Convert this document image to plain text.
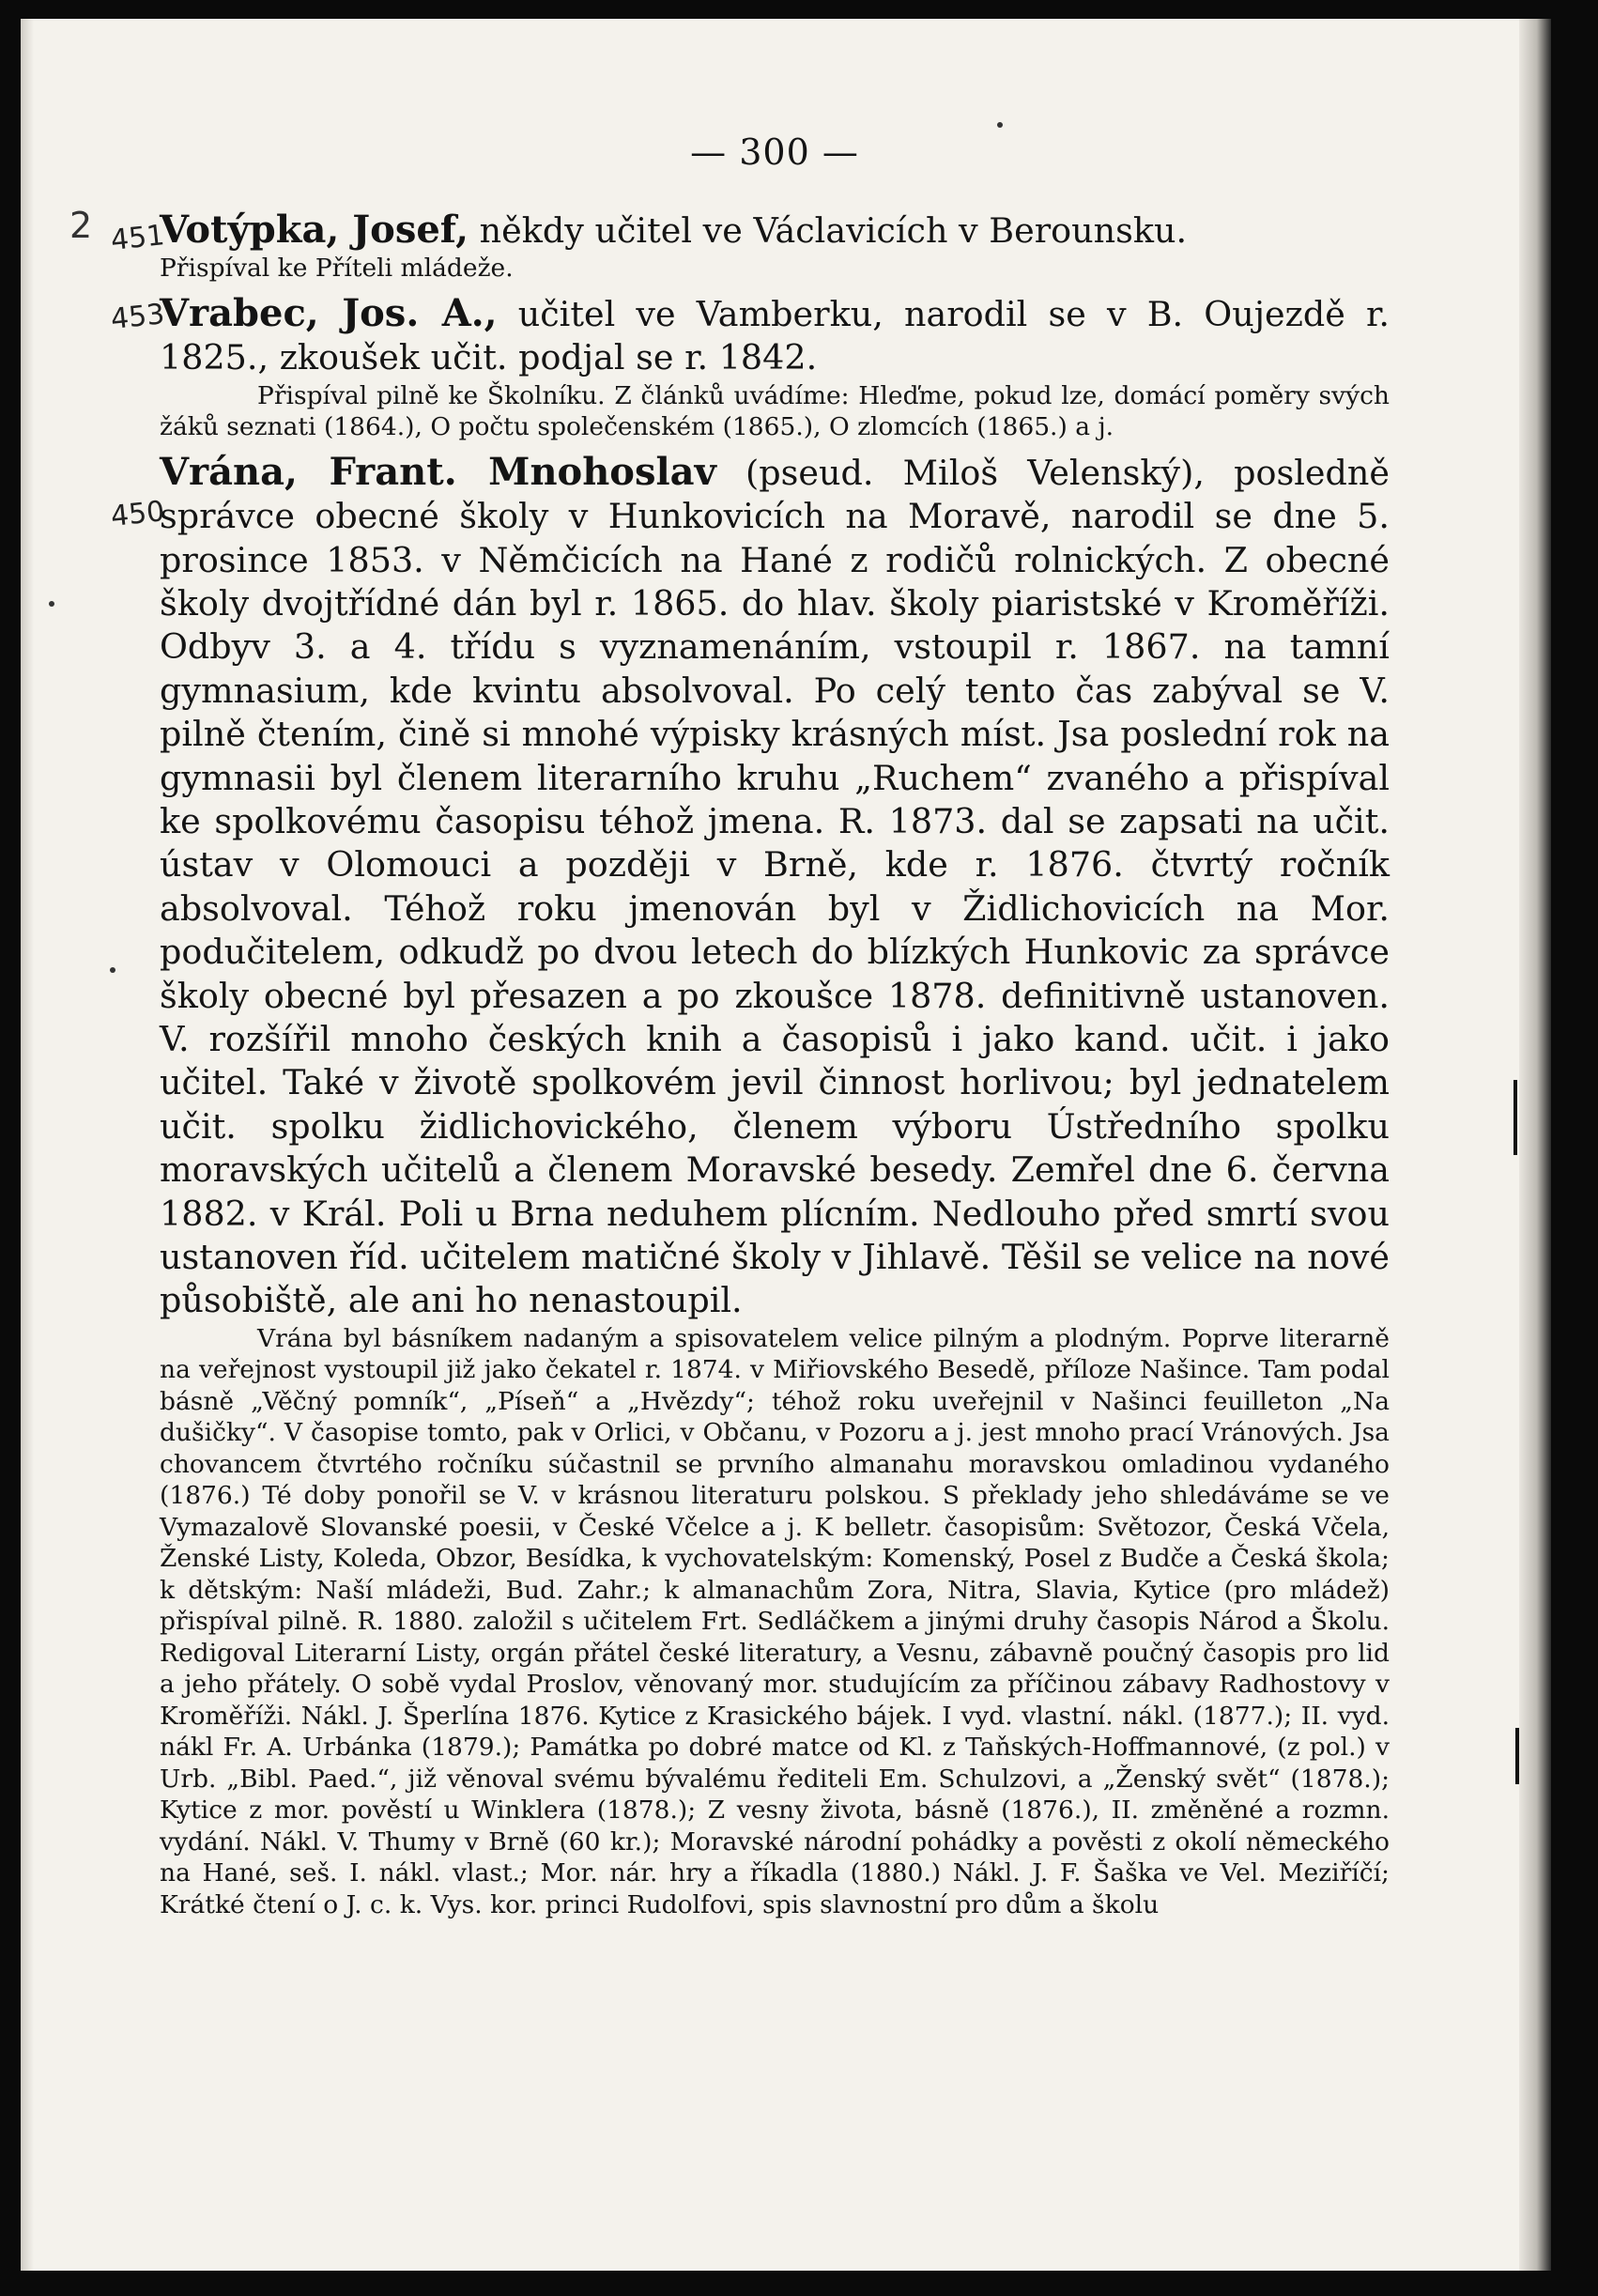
2 451
453
450
— 300 —

Votýpka, Josef, někdy učitel ve Václavicích v Berounsku.

Přispíval ke Příteli mládeže.

Vrabec, Jos. A., učitel ve Vamberku, narodil se v B. Oujezdě r. 1825., zkoušek učit. podjal se r. 1842.

Přispíval pilně ke Školníku. Z článků uvádíme: Hleďme, pokud lze, domácí poměry svých žáků seznati (1864.), O počtu společenském (1865.), O zlomcích (1865.) a j.

Vrána, Frant. Mnohoslav (pseud. Miloš Velenský), posledně správce obecné školy v Hunkovicích na Moravě, narodil se dne 5. prosince 1853. v Němčicích na Hané z rodičů rolnických. Z obecné školy dvojtřídné dán byl r. 1865. do hlav. školy piaristské v Kroměříži. Odbyv 3. a 4. třídu s vyznamenáním, vstoupil r. 1867. na tamní gymnasium, kde kvintu absolvoval. Po celý tento čas zabýval se V. pilně čtením, čině si mnohé výpisky krásných míst. Jsa poslední rok na gymnasii byl členem literarního kruhu „Ruchem“ zvaného a přispíval ke spolkovému časopisu téhož jmena. R. 1873. dal se zapsati na učit. ústav v Olomouci a později v Brně, kde r. 1876. čtvrtý ročník absolvoval. Téhož roku jmenován byl v Židlichovicích na Mor. podučitelem, odkudž po dvou letech do blízkých Hunkovic za správce školy obecné byl přesazen a po zkoušce 1878. definitivně ustanoven. V. rozšířil mnoho českých knih a časopisů i jako kand. učit. i jako učitel. Také v životě spolkovém jevil činnost horlivou; byl jednatelem učit. spolku židlichovického, členem výboru Ústředního spolku moravských učitelů a členem Moravské besedy. Zemřel dne 6. června 1882. v Král. Poli u Brna neduhem plícním. Nedlouho před smrtí svou ustanoven říd. učitelem matičné školy v Jihlavě. Těšil se velice na nové působiště, ale ani ho nenastoupil.

Vrána byl básníkem nadaným a spisovatelem velice pilným a plodným. Poprve literarně na veřejnost vystoupil již jako čekatel r. 1874. v Miřiovského Besedě, příloze Našince. Tam podal básně „Věčný pomník“, „Píseň“ a „Hvězdy“; téhož roku uveřejnil v Našinci feuilleton „Na dušičky“. V časopise tomto, pak v Orlici, v Občanu, v Pozoru a j. jest mnoho prací Vránových. Jsa chovancem čtvrtého ročníku súčastnil se prvního almanahu moravskou omladinou vydaného (1876.) Té doby ponořil se V. v krásnou literaturu polskou. S překlady jeho shledáváme se ve Vymazalově Slovanské poesii, v České Včelce a j. K belletr. časopisům: Světozor, Česká Včela, Ženské Listy, Koleda, Obzor, Besídka, k vychovatelským: Komenský, Posel z Budče a Česká škola; k dětským: Naší mládeži, Bud. Zahr.; k almanachům Zora, Nitra, Slavia, Kytice (pro mládež) přispíval pilně. R. 1880. založil s učitelem Frt. Sedláčkem a jinými druhy časopis Národ a Školu. Redigoval Literarní Listy, orgán přátel české literatury, a Vesnu, zábavně poučný časopis pro lid a jeho přátely. O sobě vydal Proslov, věnovaný mor. studujícím za příčinou zábavy Radhostovy v Kroměříži. Nákl. J. Šperlína 1876. Kytice z Krasického bájek. I vyd. vlastní. nákl. (1877.); II. vyd. nákl Fr. A. Urbánka (1879.); Památka po dobré matce od Kl. z Taňských-Hoffmannové, (z pol.) v Urb. „Bibl. Paed.“, již věnoval svému bývalému řediteli Em. Schulzovi, a „Ženský svět“ (1878.); Kytice z mor. pověstí u Winklera (1878.); Z vesny života, básně (1876.), II. změněné a rozmn. vydání. Nákl. V. Thumy v Brně (60 kr.); Moravské národní pohádky a pověsti z okolí německého na Hané, seš. I. nákl. vlast.; Mor. nár. hry a říkadla (1880.) Nákl. J. F. Šaška ve Vel. Meziříčí; Krátké čtení o J. c. k. Vys. kor. princi Rudolfovi, spis slavnostní pro dům a školu
